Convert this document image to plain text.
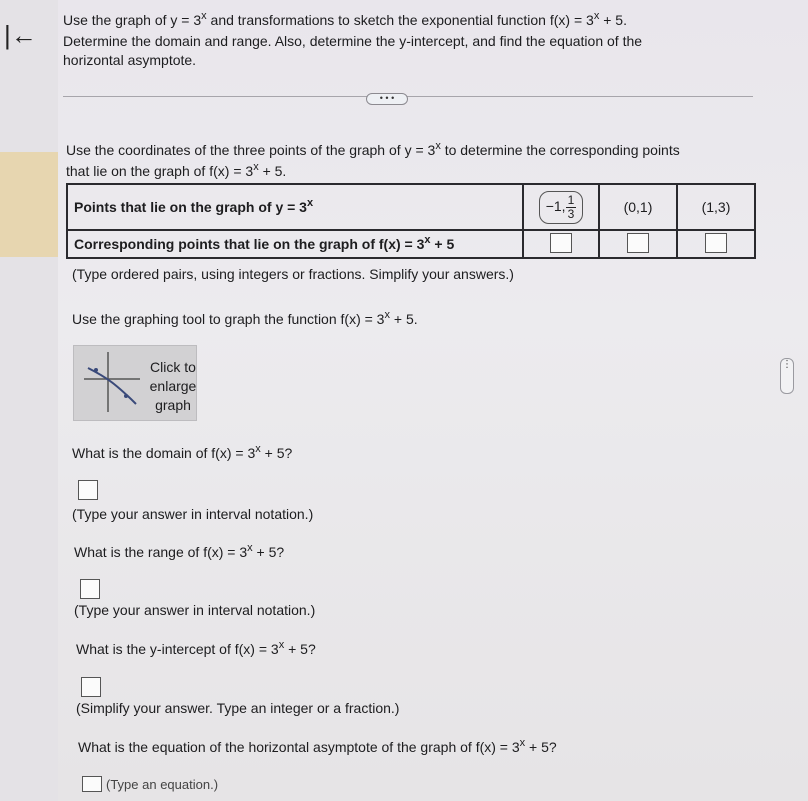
|← Use the graph of $y = 3^x$ and transformations to sketch the exponential function $f(x) = 3^x + 5$.
Determine the domain and range. Also, determine the y-intercept, and find the equation of the
horizontal asymptote.
• • •
Use the coordinates of the three points of the graph of $y = 3^x$ to determine the corresponding points
that lie on the graph of $f(x) = 3^x + 5$.
Points that lie on the graph of $y = 3^x$	−1, $\frac{1}{3}$	(0,1)	(1,3)
Corresponding points that lie on the graph of $f(x) = 3^x + 5$			
(Type ordered pairs, using integers or fractions. Simplify your answers.)
Use the graphing tool to graph the function $f(x) = 3^x + 5$.
Click to
enlarge
graph
What is the domain of $f(x) = 3^x + 5$?
(Type your answer in interval notation.)
What is the range of $f(x) = 3^x + 5$?
(Type your answer in interval notation.)
What is the y-intercept of $f(x) = 3^x + 5$?
(Simplify your answer. Type an integer or a fraction.)
What is the equation of the horizontal asymptote of the graph of $f(x) = 3^x + 5$?
(Type an equation.)
⋮
